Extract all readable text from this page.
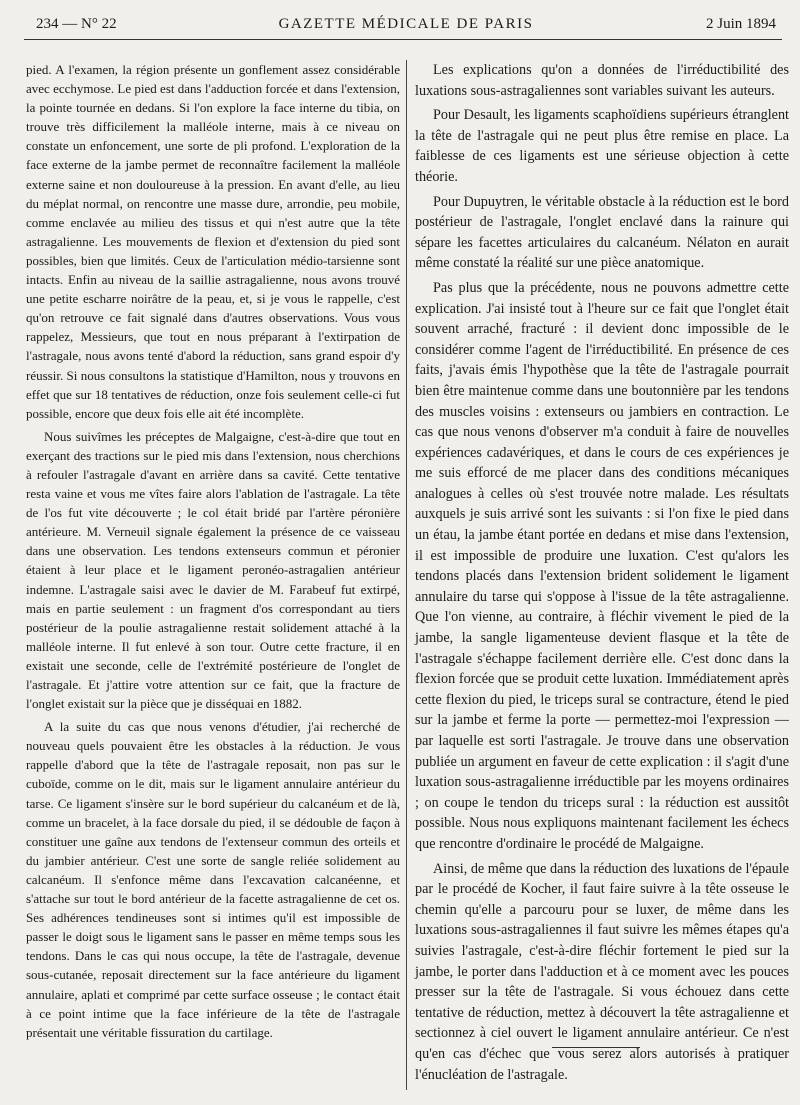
234 — N° 22	GAZETTE MÉDICALE DE PARIS	2 Juin 1894

pied. A l'examen, la région présente un gonflement assez considérable avec ecchymose. Le pied est dans l'adduction forcée et dans l'extension, la pointe tournée en dedans. Si l'on explore la face interne du tibia, on trouve très difficilement la malléole interne, mais à ce niveau on constate un enfoncement, une sorte de pli profond. L'exploration de la face externe de la jambe permet de reconnaître facilement la malléole externe saine et non douloureuse à la pression. En avant d'elle, au lieu du méplat normal, on rencontre une masse dure, arrondie, peu mobile, comme enclavée au milieu des tissus et qui n'est autre que la tête astragalienne. Les mouvements de flexion et d'extension du pied sont possibles, bien que limités. Ceux de l'articulation médio-tarsienne sont intacts. Enfin au niveau de la saillie astragalienne, nous avons trouvé une petite escharre noirâtre de la peau, et, si je vous le rappelle, c'est qu'on retrouve ce fait signalé dans d'autres observations. Vous vous rappelez, Messieurs, que tout en nous préparant à l'extirpation de l'astragale, nous avons tenté d'abord la réduction, sans grand espoir d'y réussir. Si nous consultons la statistique d'Hamilton, nous y trouvons en effet que sur 18 tentatives de réduction, onze fois seulement celle-ci fut possible, encore que deux fois elle ait été incomplète.

Nous suivîmes les préceptes de Malgaigne, c'est-à-dire que tout en exerçant des tractions sur le pied mis dans l'extension, nous cherchions à refouler l'astragale d'avant en arrière dans sa cavité. Cette tentative resta vaine et vous me vîtes faire alors l'ablation de l'astragale. La tête de l'os fut vite découverte ; le col était bridé par l'artère péronière antérieure. M. Verneuil signale également la présence de ce vaisseau dans une observation. Les tendons extenseurs commun et péronier étaient à leur place et le ligament peronéo-astragalien antérieur indemne. L'astragale saisi avec le davier de M. Farabeuf fut extirpé, mais en partie seulement : un fragment d'os correspondant au tiers postérieur de la poulie astragalienne restait solidement attaché à la malléole interne. Il fut enlevé à son tour. Outre cette fracture, il en existait une seconde, celle de l'extrémité postérieure de l'onglet de l'astragale. Et j'attire votre attention sur ce fait, que la fracture de l'onglet existait sur la pièce que je disséquai en 1882.

A la suite du cas que nous venons d'étudier, j'ai recherché de nouveau quels pouvaient être les obstacles à la réduction. Je vous rappelle d'abord que la tête de l'astragale reposait, non pas sur le cuboïde, comme on le dit, mais sur le ligament annulaire antérieur du tarse. Ce ligament s'insère sur le bord supérieur du calcanéum et de là, comme un bracelet, à la face dorsale du pied, il se dédouble de façon à constituer une gaîne aux tendons de l'extenseur commun des orteils et du jambier antérieur. C'est une sorte de sangle reliée solidement au calcanéum. Il s'enfonce même dans l'excavation calcanéenne, et s'attache sur tout le bord antérieur de la facette astragalienne de cet os. Ses adhérences tendineuses sont si intimes qu'il est impossible de passer le doigt sous le ligament sans le passer en même temps sous les tendons. Dans le cas qui nous occupe, la tête de l'astragale, devenue sous-cutanée, reposait directement sur la face antérieure du ligament annulaire, aplati et comprimé par cette surface osseuse ; le contact était à ce point intime que la face inférieure de la tête de l'astragale présentait une véritable fissuration du cartilage.

Les explications qu'on a données de l'irréductibilité des luxations sous-astragaliennes sont variables suivant les auteurs.

Pour Desault, les ligaments scaphoïdiens supérieurs étranglent la tête de l'astragale qui ne peut plus être remise en place. La faiblesse de ces ligaments est une sérieuse objection à cette théorie.

Pour Dupuytren, le véritable obstacle à la réduction est le bord postérieur de l'astragale, l'onglet enclavé dans la rainure qui sépare les facettes articulaires du calcanéum. Nélaton en aurait même constaté la réalité sur une pièce anatomique.

Pas plus que la précédente, nous ne pouvons admettre cette explication. J'ai insisté tout à l'heure sur ce fait que l'onglet était souvent arraché, fracturé : il devient donc impossible de le considérer comme l'agent de l'irréductibilité. En présence de ces faits, j'avais émis l'hypothèse que la tête de l'astragale pourrait bien être maintenue comme dans une boutonnière par les tendons des muscles voisins : extenseurs ou jambiers en contraction. Le cas que nous venons d'observer m'a conduit à faire de nouvelles expériences cadavériques, et dans le cours de ces expériences je me suis efforcé de me placer dans des conditions mécaniques analogues à celles où s'est trouvée notre malade. Les résultats auxquels je suis arrivé sont les suivants : si l'on fixe le pied dans un étau, la jambe étant portée en dedans et mise dans l'extension, il est impossible de produire une luxation. C'est qu'alors les tendons placés dans l'extension brident solidement le ligament annulaire du tarse qui s'oppose à l'issue de la tête astragalienne. Que l'on vienne, au contraire, à fléchir vivement le pied de la jambe, la sangle ligamenteuse devient flasque et la tête de l'astragale s'échappe facilement derrière elle. C'est donc dans la flexion forcée que se produit cette luxation. Immédiatement après cette flexion du pied, le triceps sural se contracture, étend le pied sur la jambe et ferme la porte — permettez-moi l'expression — par laquelle est sorti l'astragale. Je trouve dans une observation publiée un argument en faveur de cette explication : il s'agit d'une luxation sous-astragalienne irréductible par les moyens ordinaires ; on coupe le tendon du triceps sural : la réduction est aussitôt possible. Nous nous expliquons maintenant facilement les échecs que rencontre d'ordinaire le procédé de Malgaigne.

Ainsi, de même que dans la réduction des luxations de l'épaule par le procédé de Kocher, il faut faire suivre à la tête osseuse le chemin qu'elle a parcouru pour se luxer, de même dans les luxations sous-astragaliennes il faut suivre les mêmes étapes qu'a suivies l'astragale, c'est-à-dire fléchir fortement le pied sur la jambe, le porter dans l'adduction et à ce moment avec les pouces presser sur la tête de l'astragale. Si vous échouez dans cette tentative de réduction, mettez à découvert la tête astragalienne et sectionnez à ciel ouvert le ligament annulaire antérieur. Ce n'est qu'en cas d'échec que vous serez alors autorisés à pratiquer l'énucléation de l'astragale.
